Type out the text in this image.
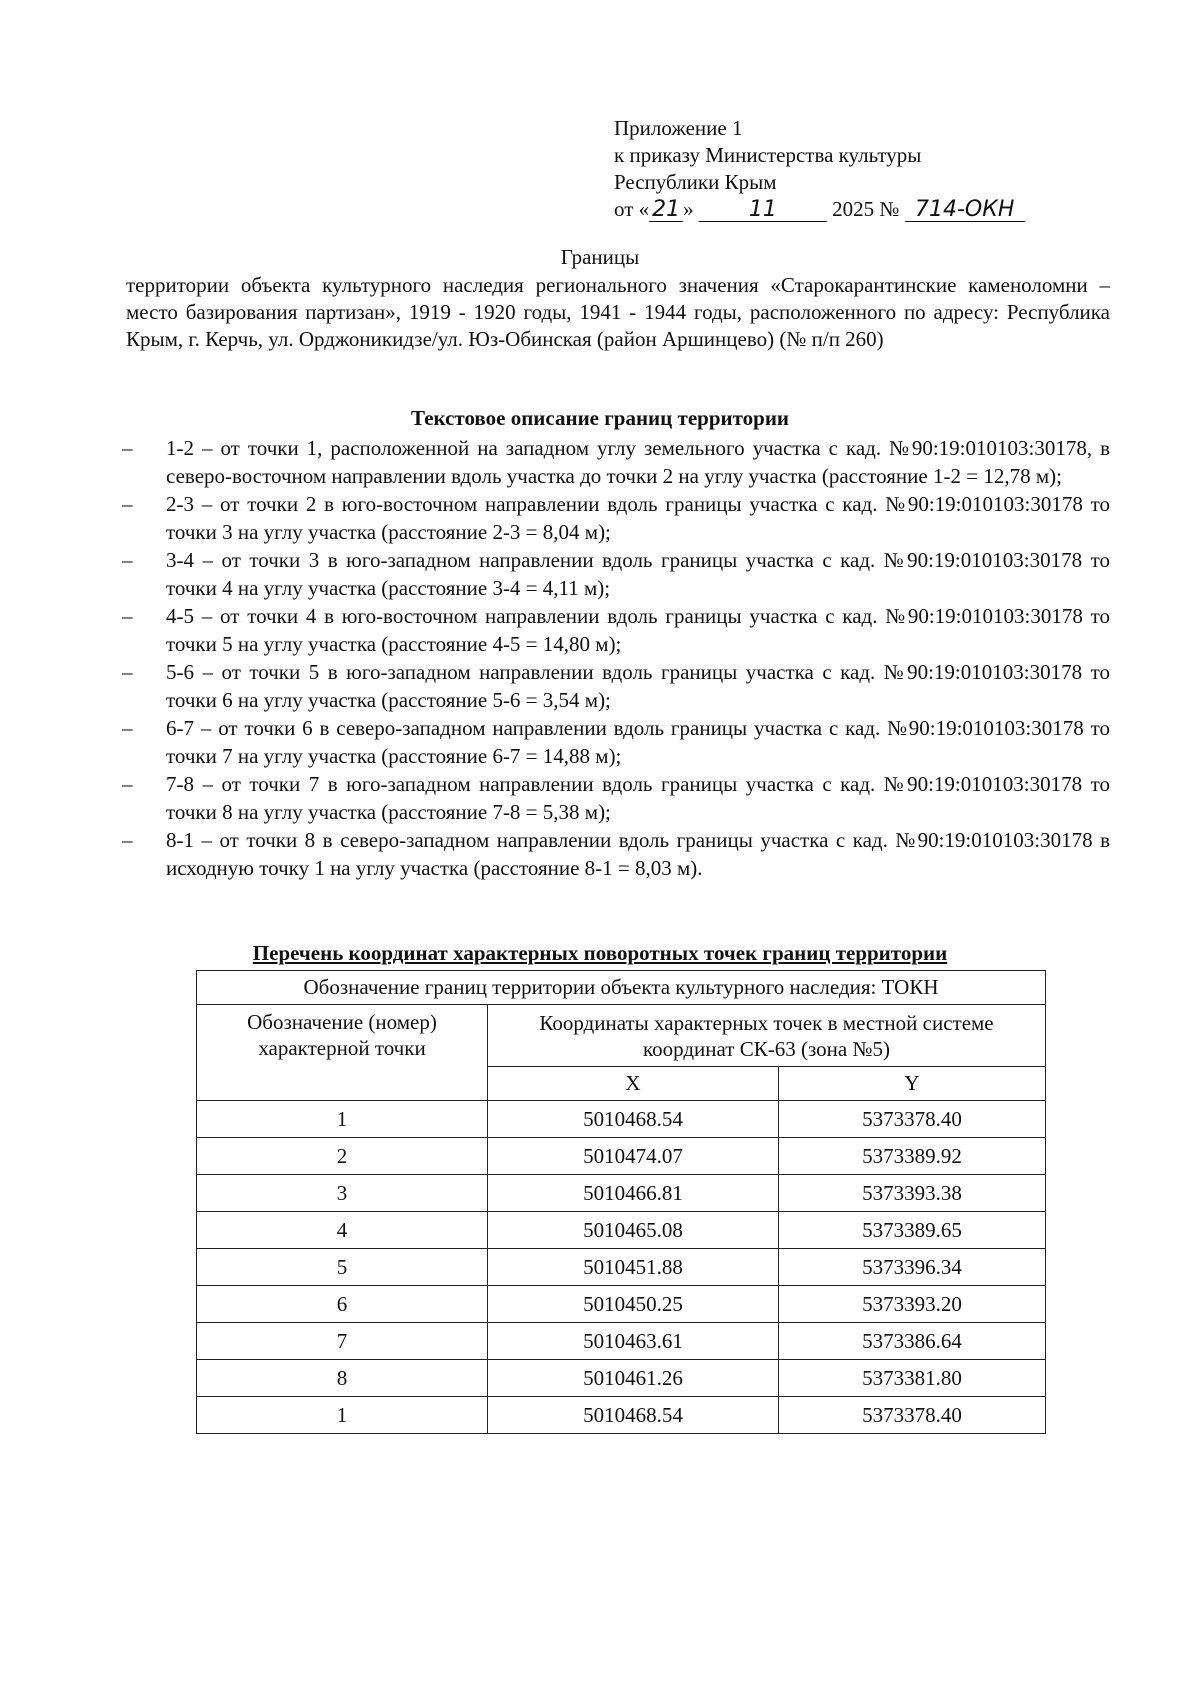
Приложение 1
к приказу Министерства культуры
Республики Крым
от « 21 »	11	2025 № 714-ОКН
Границы
территории объекта культурного наследия регионального значения «Старокарантинские каменоломни – место базирования партизан», 1919 - 1920 годы, 1941 - 1944 годы, расположенного по адресу: Республика Крым, г. Керчь, ул. Орджоникидзе/ул. Юз-Обинская (район Аршинцево) (№ п/п 260)
Текстовое описание границ территории
– 1-2 – от точки 1, расположенной на западном углу земельного участка с кад. №90:19:010103:30178, в северо-восточном направлении вдоль участка до точки 2 на углу участка (расстояние 1-2 = 12,78 м);
– 2-3 – от точки 2 в юго-восточном направлении вдоль границы участка с кад. №90:19:010103:30178 то точки 3 на углу участка (расстояние 2-3 = 8,04 м);
– 3-4 – от точки 3 в юго-западном направлении вдоль границы участка с кад. №90:19:010103:30178 то точки 4 на углу участка (расстояние 3-4 = 4,11 м);
– 4-5 – от точки 4 в юго-восточном направлении вдоль границы участка с кад. №90:19:010103:30178 то точки 5 на углу участка (расстояние 4-5 = 14,80 м);
– 5-6 – от точки 5 в юго-западном направлении вдоль границы участка с кад. №90:19:010103:30178 то точки 6 на углу участка (расстояние 5-6 = 3,54 м);
– 6-7 – от точки 6 в северо-западном направлении вдоль границы участка с кад. №90:19:010103:30178 то точки 7 на углу участка (расстояние 6-7 = 14,88 м);
– 7-8 – от точки 7 в юго-западном направлении вдоль границы участка с кад. №90:19:010103:30178 то точки 8 на углу участка (расстояние 7-8 = 5,38 м);
– 8-1 – от точки 8 в северо-западном направлении вдоль границы участка с кад. №90:19:010103:30178 в исходную точку 1 на углу участка (расстояние 8-1 = 8,03 м).
Перечень координат характерных поворотных точек границ территории
Обозначение границ территории объекта культурного наследия: ТОКН		
Обозначение (номер) характерной точки	Координаты характерных точек в местной системе координат СК-63 (зона №5)	
	X	Y
1	5010468.54	5373378.40
2	5010474.07	5373389.92
3	5010466.81	5373393.38
4	5010465.08	5373389.65
5	5010451.88	5373396.34
6	5010450.25	5373393.20
7	5010463.61	5373386.64
8	5010461.26	5373381.80
1	5010468.54	5373378.40
